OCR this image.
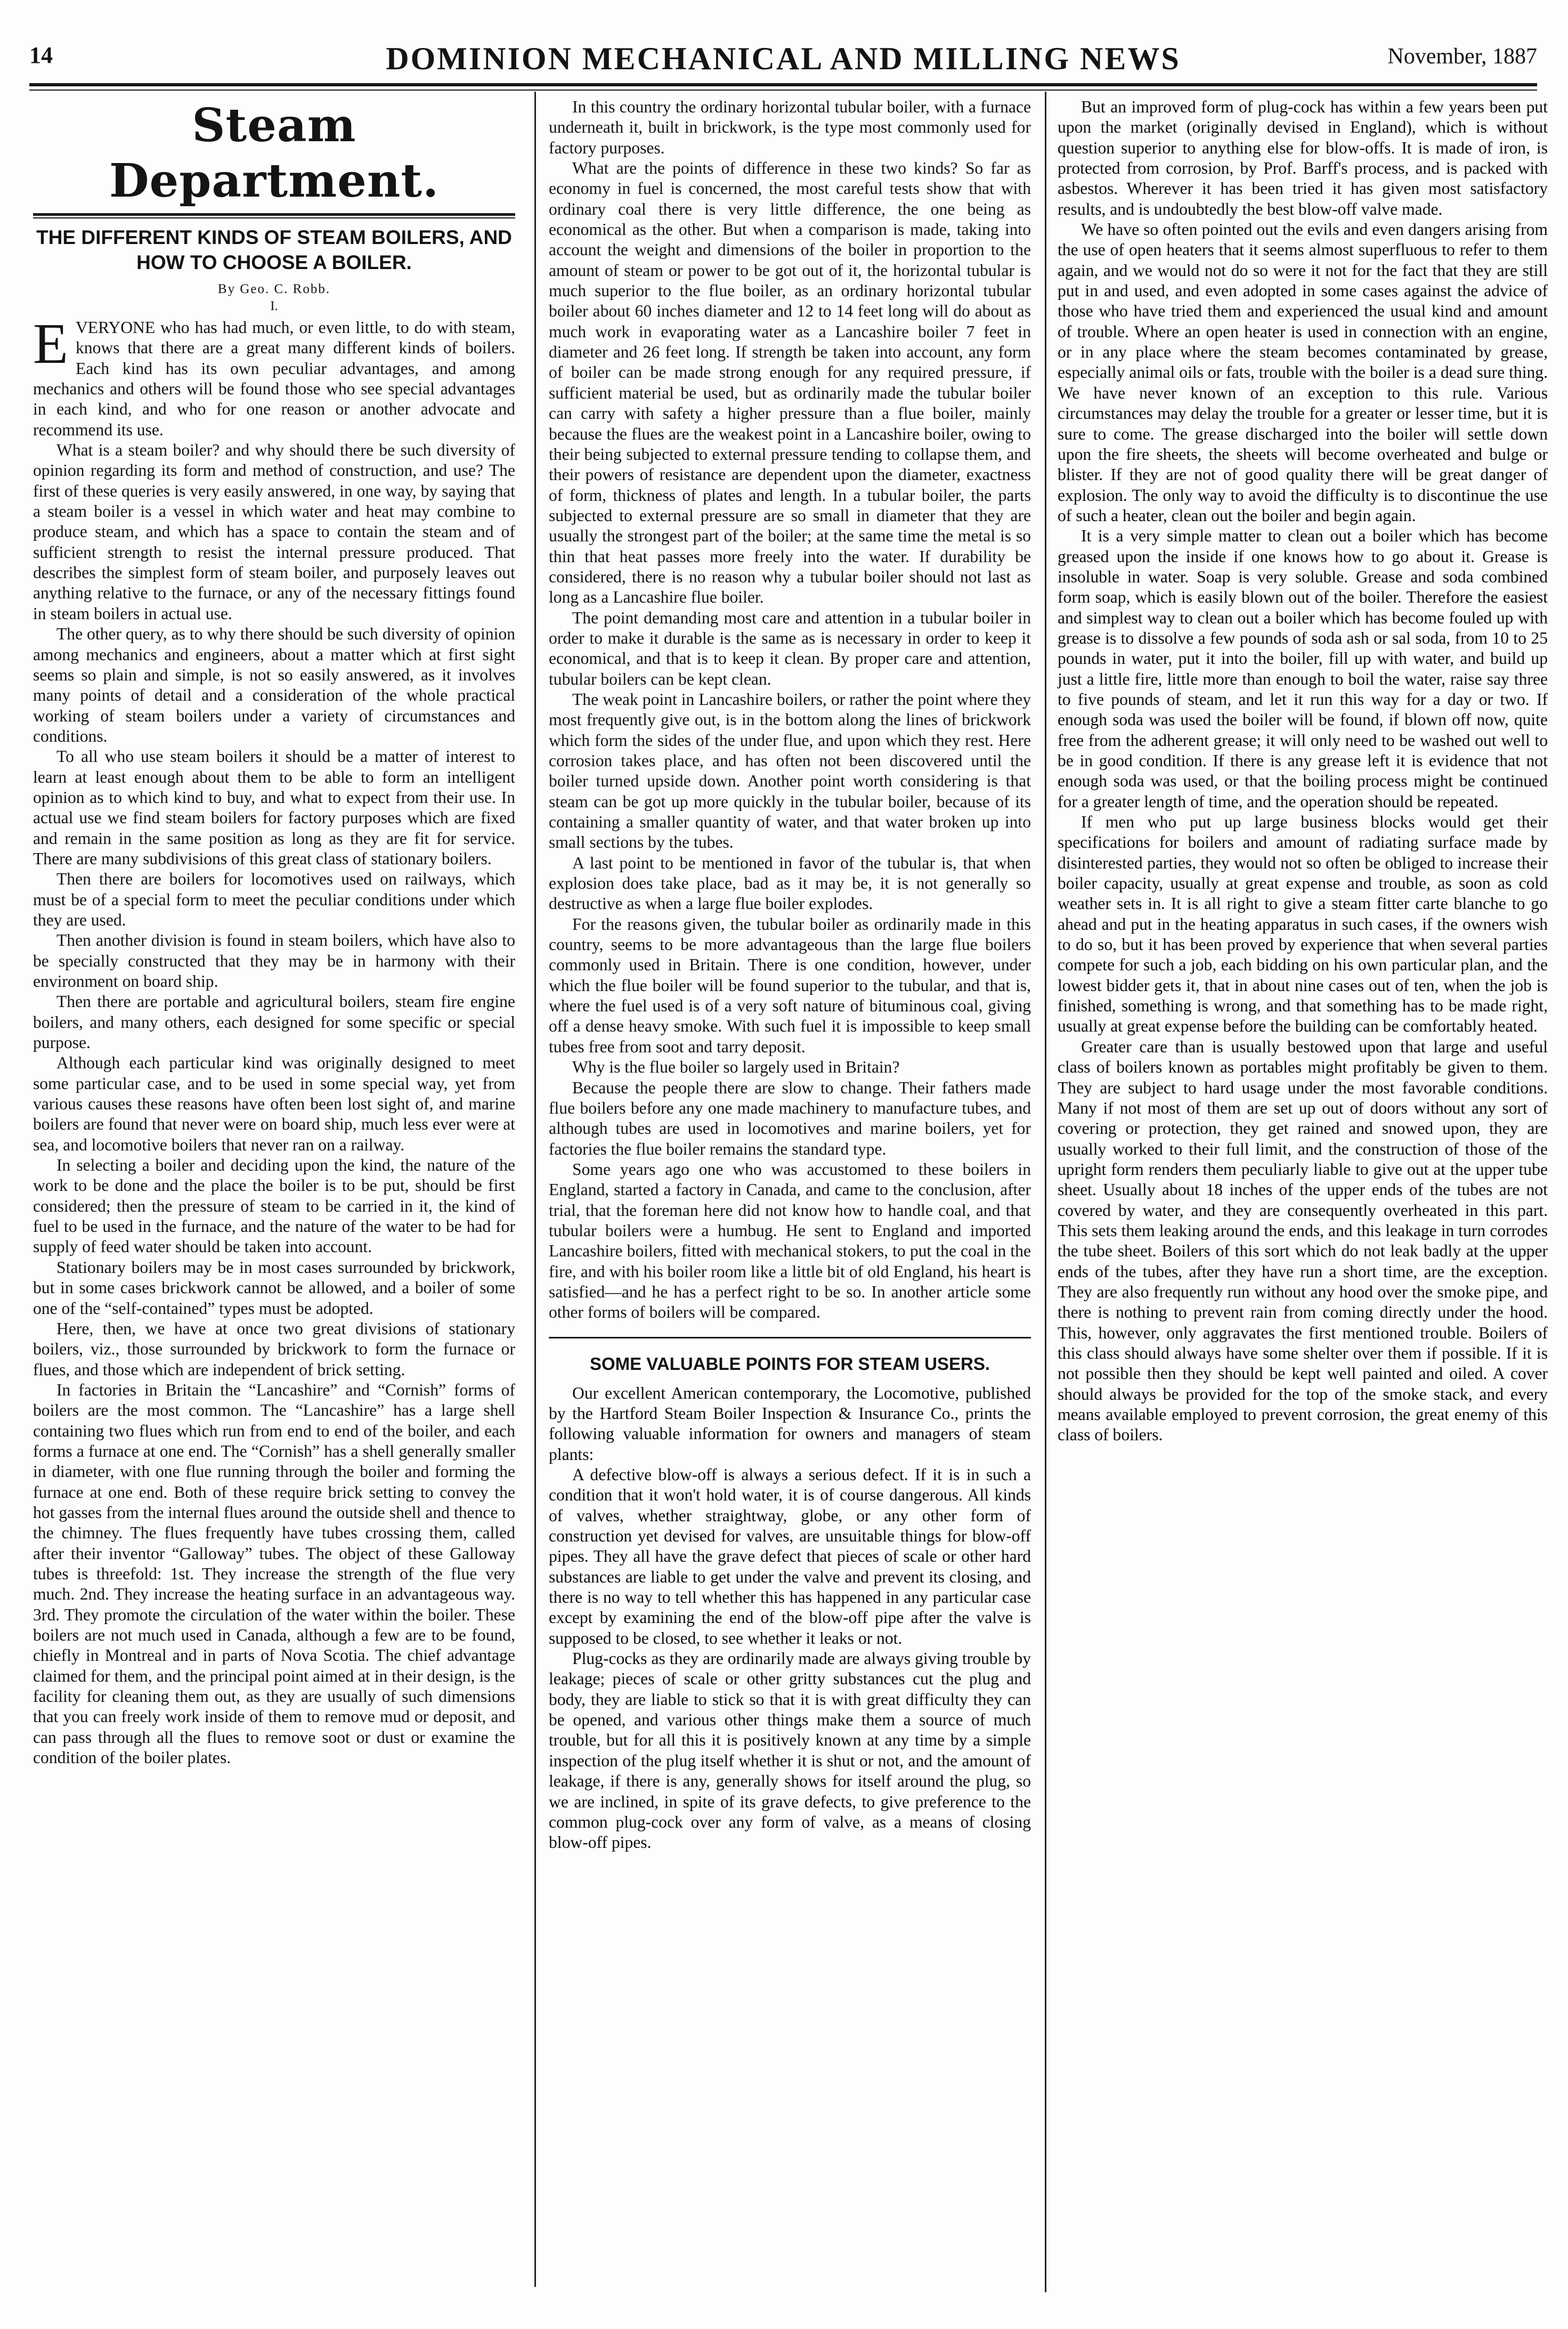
14	DOMINION MECHANICAL AND MILLING NEWS	November, 1887
Steam Department.
THE DIFFERENT KINDS OF STEAM BOILERS, AND HOW TO CHOOSE A BOILER.
By Geo. C. Robb.
I.

EVERYONE who has had much, or even little, to do with steam, knows that there are a great many different kinds of boilers. Each kind has its own peculiar advantages, and among mechanics and others will be found those who see special advantages in each kind, and who for one reason or another advocate and recommend its use.

What is a steam boiler? and why should there be such diversity of opinion regarding its form and method of construction, and use? The first of these queries is very easily answered, in one way, by saying that a steam boiler is a vessel in which water and heat may combine to produce steam, and which has a space to contain the steam and of sufficient strength to resist the internal pressure produced. That describes the simplest form of steam boiler, and purposely leaves out anything relative to the furnace, or any of the necessary fittings found in steam boilers in actual use.

The other query, as to why there should be such diversity of opinion among mechanics and engineers, about a matter which at first sight seems so plain and simple, is not so easily answered, as it involves many points of detail and a consideration of the whole practical working of steam boilers under a variety of circumstances and conditions.

To all who use steam boilers it should be a matter of interest to learn at least enough about them to be able to form an intelligent opinion as to which kind to buy, and what to expect from their use. In actual use we find steam boilers for factory purposes which are fixed and remain in the same position as long as they are fit for service. There are many subdivisions of this great class of stationary boilers.

Then there are boilers for locomotives used on railways, which must be of a special form to meet the peculiar conditions under which they are used.

Then another division is found in steam boilers, which have also to be specially constructed that they may be in harmony with their environment on board ship.

Then there are portable and agricultural boilers, steam fire engine boilers, and many others, each designed for some specific or special purpose.

Although each particular kind was originally designed to meet some particular case, and to be used in some special way, yet from various causes these reasons have often been lost sight of, and marine boilers are found that never were on board ship, much less ever were at sea, and locomotive boilers that never ran on a railway.

In selecting a boiler and deciding upon the kind, the nature of the work to be done and the place the boiler is to be put, should be first considered; then the pressure of steam to be carried in it, the kind of fuel to be used in the furnace, and the nature of the water to be had for supply of feed water should be taken into account.

Stationary boilers may be in most cases surrounded by brickwork, but in some cases brickwork cannot be allowed, and a boiler of some one of the “self-contained” types must be adopted.

Here, then, we have at once two great divisions of stationary boilers, viz., those surrounded by brickwork to form the furnace or flues, and those which are independent of brick setting.

In factories in Britain the “Lancashire” and “Cornish” forms of boilers are the most common. The “Lancashire” has a large shell containing two flues which run from end to end of the boiler, and each forms a furnace at one end. The “Cornish” has a shell generally smaller in diameter, with one flue running through the boiler and forming the furnace at one end. Both of these require brick setting to convey the hot gasses from the internal flues around the outside shell and thence to the chimney. The flues frequently have tubes crossing them, called after their inventor “Galloway” tubes. The object of these Galloway tubes is threefold: 1st. They increase the strength of the flue very much. 2nd. They increase the heating surface in an advantageous way. 3rd. They promote the circulation of the water within the boiler. These boilers are not much used in Canada, although a few are to be found, chiefly in Montreal and in parts of Nova Scotia. The chief advantage claimed for them, and the principal point aimed at in their design, is the facility for cleaning them out, as they are usually of such dimensions that you can freely work inside of them to remove mud or deposit, and can pass through all the flues to remove soot or dust or examine the condition of the boiler plates.

In this country the ordinary horizontal tubular boiler, with a furnace underneath it, built in brickwork, is the type most commonly used for factory purposes.

What are the points of difference in these two kinds? So far as economy in fuel is concerned, the most careful tests show that with ordinary coal there is very little difference, the one being as economical as the other. But when a comparison is made, taking into account the weight and dimensions of the boiler in proportion to the amount of steam or power to be got out of it, the horizontal tubular is much superior to the flue boiler, as an ordinary horizontal tubular boiler about 60 inches diameter and 12 to 14 feet long will do about as much work in evaporating water as a Lancashire boiler 7 feet in diameter and 26 feet long. If strength be taken into account, any form of boiler can be made strong enough for any required pressure, if sufficient material be used, but as ordinarily made the tubular boiler can carry with safety a higher pressure than a flue boiler, mainly because the flues are the weakest point in a Lancashire boiler, owing to their being subjected to external pressure tending to collapse them, and their powers of resistance are dependent upon the diameter, exactness of form, thickness of plates and length. In a tubular boiler, the parts subjected to external pressure are so small in diameter that they are usually the strongest part of the boiler; at the same time the metal is so thin that heat passes more freely into the water. If durability be considered, there is no reason why a tubular boiler should not last as long as a Lancashire flue boiler.

The point demanding most care and attention in a tubular boiler in order to make it durable is the same as is necessary in order to keep it economical, and that is to keep it clean. By proper care and attention, tubular boilers can be kept clean.

The weak point in Lancashire boilers, or rather the point where they most frequently give out, is in the bottom along the lines of brickwork which form the sides of the under flue, and upon which they rest. Here corrosion takes place, and has often not been discovered until the boiler turned upside down. Another point worth considering is that steam can be got up more quickly in the tubular boiler, because of its containing a smaller quantity of water, and that water broken up into small sections by the tubes.

A last point to be mentioned in favor of the tubular is, that when explosion does take place, bad as it may be, it is not generally so destructive as when a large flue boiler explodes.

For the reasons given, the tubular boiler as ordinarily made in this country, seems to be more advantageous than the large flue boilers commonly used in Britain. There is one condition, however, under which the flue boiler will be found superior to the tubular, and that is, where the fuel used is of a very soft nature of bituminous coal, giving off a dense heavy smoke. With such fuel it is impossible to keep small tubes free from soot and tarry deposit.

Why is the flue boiler so largely used in Britain?

Because the people there are slow to change. Their fathers made flue boilers before any one made machinery to manufacture tubes, and although tubes are used in locomotives and marine boilers, yet for factories the flue boiler remains the standard type.

Some years ago one who was accustomed to these boilers in England, started a factory in Canada, and came to the conclusion, after trial, that the foreman here did not know how to handle coal, and that tubular boilers were a humbug. He sent to England and imported Lancashire boilers, fitted with mechanical stokers, to put the coal in the fire, and with his boiler room like a little bit of old England, his heart is satisfied—and he has a perfect right to be so. In another article some other forms of boilers will be compared.

SOME VALUABLE POINTS FOR STEAM USERS.

Our excellent American contemporary, the Locomotive, published by the Hartford Steam Boiler Inspection & Insurance Co., prints the following valuable information for owners and managers of steam plants:

A defective blow-off is always a serious defect. If it is in such a condition that it won't hold water, it is of course dangerous. All kinds of valves, whether straightway, globe, or any other form of construction yet devised for valves, are unsuitable things for blow-off pipes. They all have the grave defect that pieces of scale or other hard substances are liable to get under the valve and prevent its closing, and there is no way to tell whether this has happened in any particular case except by examining the end of the blow-off pipe after the valve is supposed to be closed, to see whether it leaks or not.

Plug-cocks as they are ordinarily made are always giving trouble by leakage; pieces of scale or other gritty substances cut the plug and body, they are liable to stick so that it is with great difficulty they can be opened, and various other things make them a source of much trouble, but for all this it is positively known at any time by a simple inspection of the plug itself whether it is shut or not, and the amount of leakage, if there is any, generally shows for itself around the plug, so we are inclined, in spite of its grave defects, to give preference to the common plug-cock over any form of valve, as a means of closing blow-off pipes.

But an improved form of plug-cock has within a few years been put upon the market (originally devised in England), which is without question superior to anything else for blow-offs. It is made of iron, is protected from corrosion, by Prof. Barff's process, and is packed with asbestos. Wherever it has been tried it has given most satisfactory results, and is undoubtedly the best blow-off valve made.

We have so often pointed out the evils and even dangers arising from the use of open heaters that it seems almost superfluous to refer to them again, and we would not do so were it not for the fact that they are still put in and used, and even adopted in some cases against the advice of those who have tried them and experienced the usual kind and amount of trouble. Where an open heater is used in connection with an engine, or in any place where the steam becomes contaminated by grease, especially animal oils or fats, trouble with the boiler is a dead sure thing. We have never known of an exception to this rule. Various circumstances may delay the trouble for a greater or lesser time, but it is sure to come. The grease discharged into the boiler will settle down upon the fire sheets, the sheets will become overheated and bulge or blister. If they are not of good quality there will be great danger of explosion. The only way to avoid the difficulty is to discontinue the use of such a heater, clean out the boiler and begin again.

It is a very simple matter to clean out a boiler which has become greased upon the inside if one knows how to go about it. Grease is insoluble in water. Soap is very soluble. Grease and soda combined form soap, which is easily blown out of the boiler. Therefore the easiest and simplest way to clean out a boiler which has become fouled up with grease is to dissolve a few pounds of soda ash or sal soda, from 10 to 25 pounds in water, put it into the boiler, fill up with water, and build up just a little fire, little more than enough to boil the water, raise say three to five pounds of steam, and let it run this way for a day or two. If enough soda was used the boiler will be found, if blown off now, quite free from the adherent grease; it will only need to be washed out well to be in good condition. If there is any grease left it is evidence that not enough soda was used, or that the boiling process might be continued for a greater length of time, and the operation should be repeated.

If men who put up large business blocks would get their specifications for boilers and amount of radiating surface made by disinterested parties, they would not so often be obliged to increase their boiler capacity, usually at great expense and trouble, as soon as cold weather sets in. It is all right to give a steam fitter carte blanche to go ahead and put in the heating apparatus in such cases, if the owners wish to do so, but it has been proved by experience that when several parties compete for such a job, each bidding on his own particular plan, and the lowest bidder gets it, that in about nine cases out of ten, when the job is finished, something is wrong, and that something has to be made right, usually at great expense before the building can be comfortably heated.

Greater care than is usually bestowed upon that large and useful class of boilers known as portables might profitably be given to them. They are subject to hard usage under the most favorable conditions. Many if not most of them are set up out of doors without any sort of covering or protection, they get rained and snowed upon, they are usually worked to their full limit, and the construction of those of the upright form renders them peculiarly liable to give out at the upper tube sheet. Usually about 18 inches of the upper ends of the tubes are not covered by water, and they are consequently overheated in this part. This sets them leaking around the ends, and this leakage in turn corrodes the tube sheet. Boilers of this sort which do not leak badly at the upper ends of the tubes, after they have run a short time, are the exception. They are also frequently run without any hood over the smoke pipe, and there is nothing to prevent rain from coming directly under the hood. This, however, only aggravates the first mentioned trouble. Boilers of this class should always have some shelter over them if possible. If it is not possible then they should be kept well painted and oiled. A cover should always be provided for the top of the smoke stack, and every means available employed to prevent corrosion, the great enemy of this class of boilers.
